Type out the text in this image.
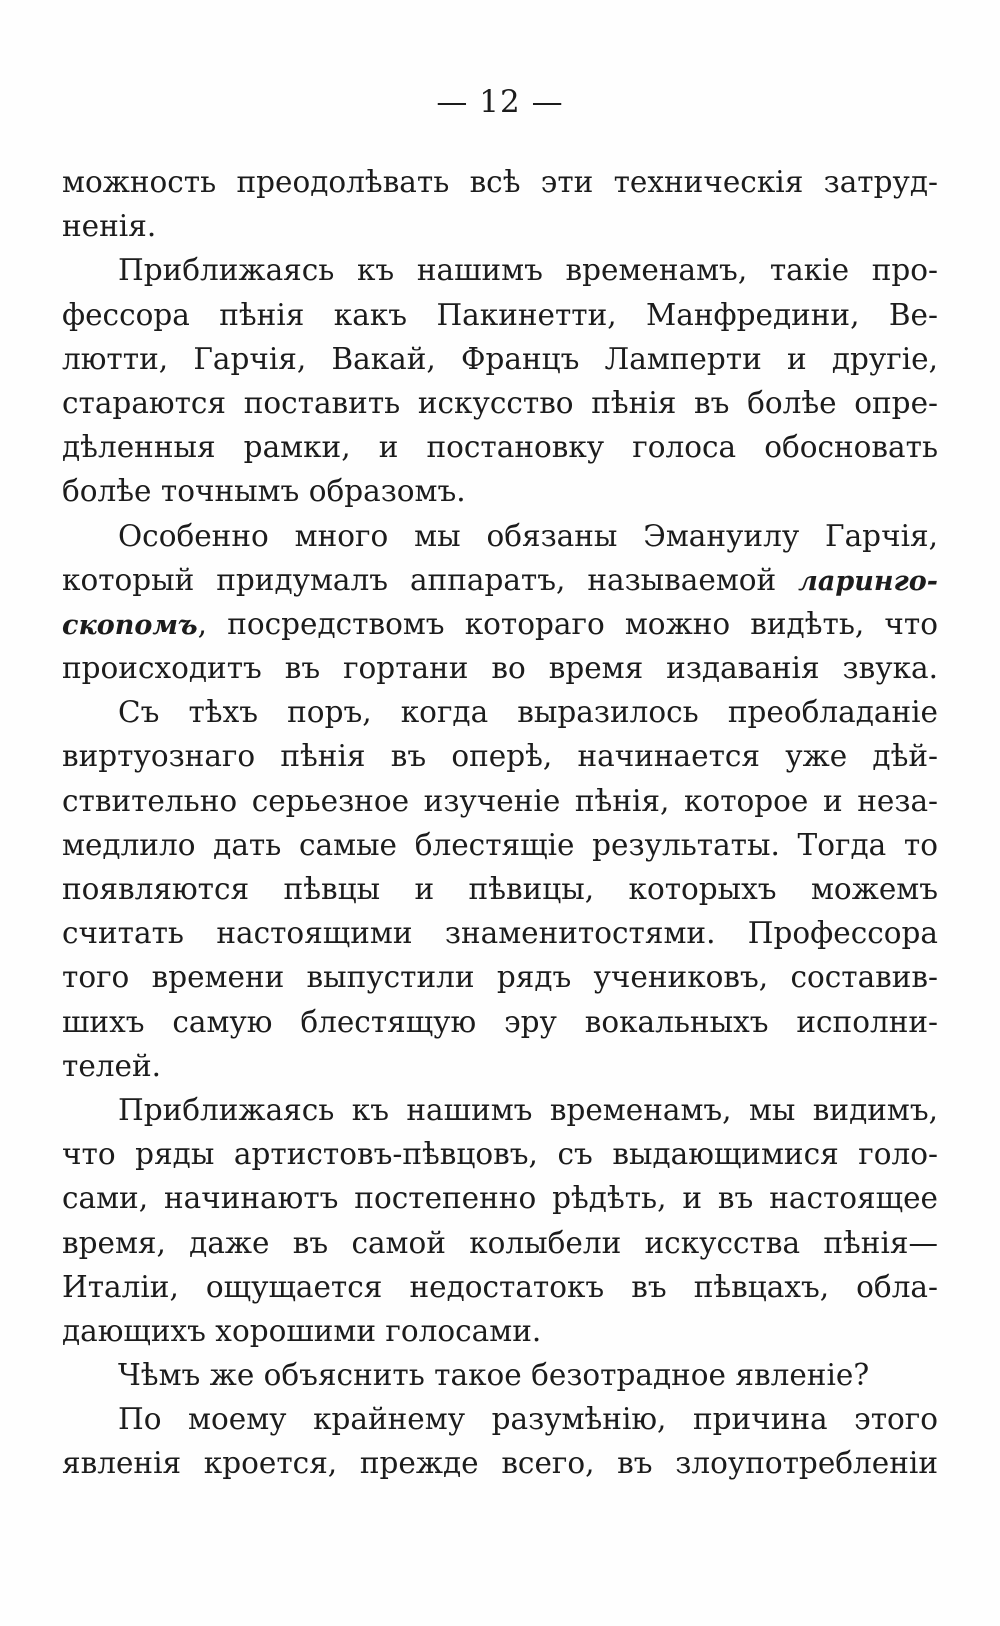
— 12 —
можность преодолѣвать всѣ эти техническія затруд-
ненія.
Приближаясь къ нашимъ временамъ, такіе про-
фессора пѣнія какъ Пакинетти, Манфредини, Ве-
лютти, Гарчія, Вакай, Францъ Ламперти и другіе,
стараются поставить искусство пѣнія въ болѣе опре-
дѣленныя рамки, и постановку голоса обосновать
болѣе точнымъ образомъ.
Особенно много мы обязаны Эмануилу Гарчія,
который придумалъ аппаратъ, называемой ларинго-
скопомъ, посредствомъ котораго можно видѣть, что
происходитъ въ гортани во время издаванія звука.
Съ тѣхъ поръ, когда выразилось преобладаніе
виртуознаго пѣнія въ оперѣ, начинается уже дѣй-
ствительно серьезное изученіе пѣнія, которое и неза-
медлило дать самые блестящіе результаты. Тогда то
появляются пѣвцы и пѣвицы, которыхъ можемъ
считать настоящими знаменитостями. Профессора
того времени выпустили рядъ учениковъ, составив-
шихъ самую блестящую эру вокальныхъ исполни-
телей.
Приближаясь къ нашимъ временамъ, мы видимъ,
что ряды артистовъ-пѣвцовъ, съ выдающимися голо-
сами, начинаютъ постепенно рѣдѣть, и въ настоящее
время, даже въ самой колыбели искусства пѣнія—
Италіи, ощущается недостатокъ въ пѣвцахъ, обла-
дающихъ хорошими голосами.
Чѣмъ же объяснить такое безотрадное явленіе?
По моему крайнему разумѣнію, причина этого
явленія кроется, прежде всего, въ злоупотребленіи
